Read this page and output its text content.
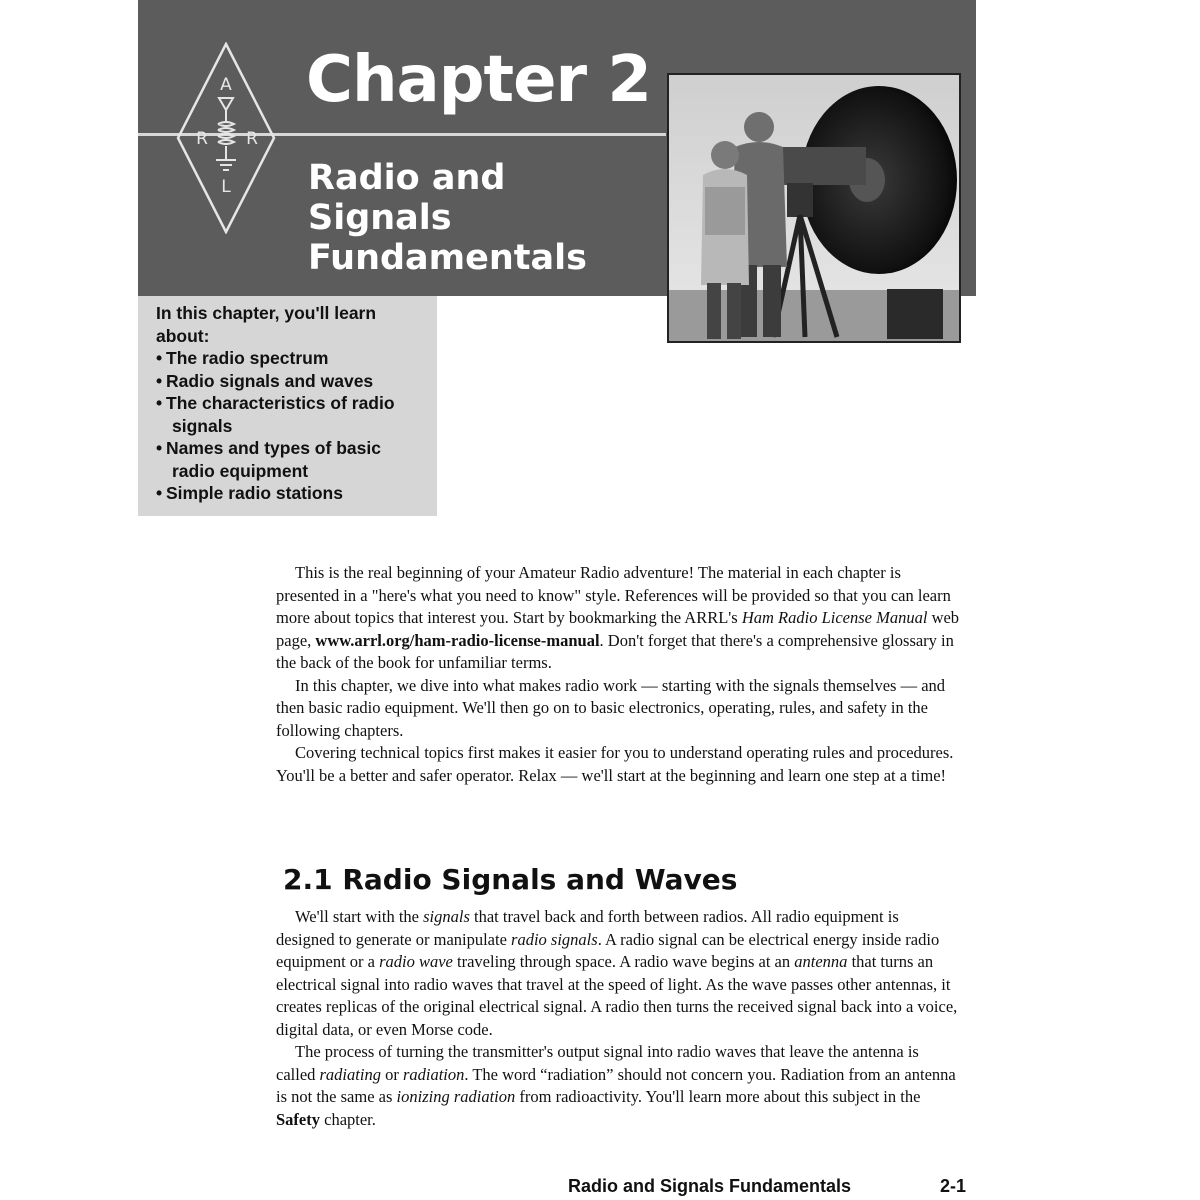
A
R R
L
Chapter 2
Radio and Signals
Fundamentals

In this chapter, you'll learn
about:

• The radio spectrum
• Radio signals and waves
• The characteristics of radio
signals
• Names and types of basic
radio equipment
• Simple radio stations

This is the real beginning of your Amateur Radio adventure! The material in each chapter is presented in a "here's what you need to know" style. References will be provided so that you can learn more about topics that interest you. Start by bookmarking the ARRL's Ham Radio License Manual web page, www.arrl.org/ham-radio-license-manual. Don't forget that there's a comprehensive glossary in the back of the book for unfamiliar terms.

In this chapter, we dive into what makes radio work — starting with the signals themselves — and then basic radio equipment. We'll then go on to basic electronics, operating, rules, and safety in the following chapters.

Covering technical topics first makes it easier for you to understand operating rules and procedures. You'll be a better and safer operator. Relax — we'll start at the beginning and learn one step at a time!

2.1 Radio Signals and Waves

We'll start with the signals that travel back and forth between radios. All radio equipment is designed to generate or manipulate radio signals. A radio signal can be electrical energy inside radio equipment or a radio wave traveling through space. A radio wave begins at an antenna that turns an electrical signal into radio waves that travel at the speed of light. As the wave passes other antennas, it creates replicas of the original electrical signal. A radio then turns the received signal back into a voice, digital data, or even Morse code.

The process of turning the transmitter's output signal into radio waves that leave the antenna is called radiating or radiation. The word “radiation” should not concern you. Radiation from an antenna is not the same as ionizing radiation from radioactivity. You'll learn more about this subject in the Safety chapter.

Radio and Signals Fundamentals	2-1
